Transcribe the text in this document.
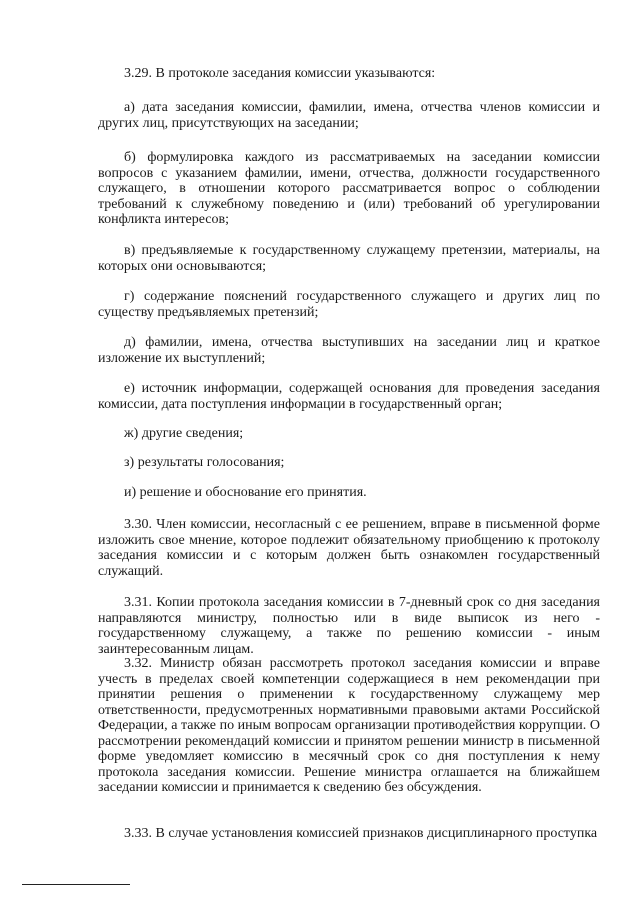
3.29. В протоколе заседания комиссии указываются:

а) дата заседания комиссии, фамилии, имена, отчества членов комиссии и других лиц, присутствующих на заседании;

б) формулировка каждого из рассматриваемых на заседании комиссии вопросов с указанием фамилии, имени, отчества, должности государственного служащего, в отношении которого рассматривается вопрос о соблюдении требований к служебному поведению и (или) требований об урегулировании конфликта интересов;

в) предъявляемые к государственному служащему претензии, материалы, на которых они основываются;

г) содержание пояснений государственного служащего и других лиц по существу предъявляемых претензий;

д) фамилии, имена, отчества выступивших на заседании лиц и краткое изложение их выступлений;

е) источник информации, содержащей основания для проведения заседания комиссии, дата поступления информации в государственный орган;

ж) другие сведения;

з) результаты голосования;

и) решение и обоснование его принятия.

3.30. Член комиссии, несогласный с ее решением, вправе в письменной форме изложить свое мнение, которое подлежит обязательному приобщению к протоколу заседания комиссии и с которым должен быть ознакомлен государственный служащий.

3.31. Копии протокола заседания комиссии в 7-дневный срок со дня заседания направляются министру, полностью или в виде выписок из него - государственному служащему, а также по решению комиссии - иным заинтересованным лицам.

3.32. Министр обязан рассмотреть протокол заседания комиссии и вправе учесть в пределах своей компетенции содержащиеся в нем рекомендации при принятии решения о применении к государственному служащему мер ответственности, предусмотренных нормативными правовыми актами Российской Федерации, а также по иным вопросам организации противодействия коррупции. О рассмотрении рекомендаций комиссии и принятом решении министр в письменной форме уведомляет комиссию в месячный срок со дня поступления к нему протокола заседания комиссии. Решение министра оглашается на ближайшем заседании комиссии и принимается к сведению без обсуждения.

3.33. В случае установления комиссией признаков дисциплинарного проступка
